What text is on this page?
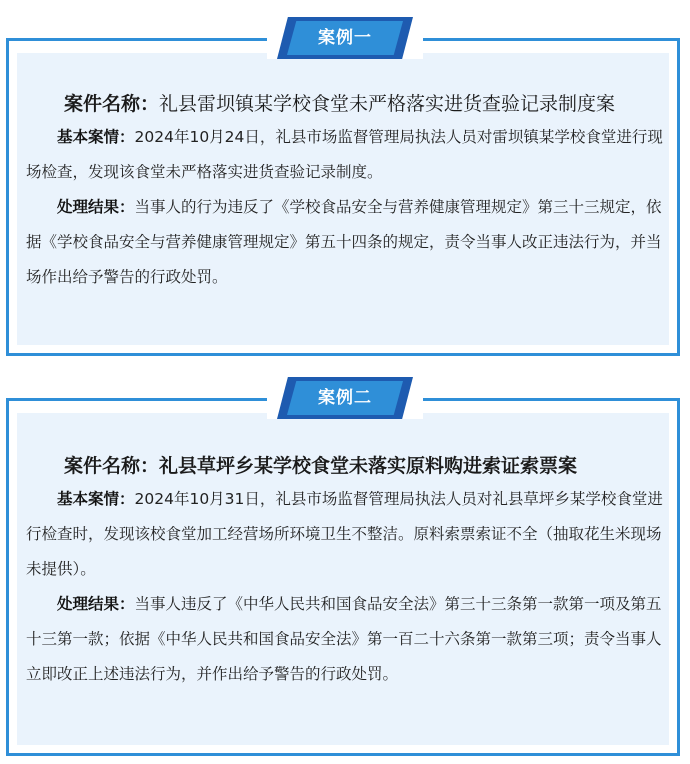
案例一
案件名称：礼县雷坝镇某学校食堂未严格落实进货查验记录制度案
基本案情：2024年10月24日，礼县市场监督管理局执法人员对雷坝镇某学校食堂进行现场检查，发现该食堂未严格落实进货查验记录制度。
处理结果：当事人的行为违反了《学校食品安全与营养健康管理规定》第三十三规定，依据《学校食品安全与营养健康管理规定》第五十四条的规定，责令当事人改正违法行为，并当场作出给予警告的行政处罚。
案例二
案件名称：礼县草坪乡某学校食堂未落实原料购进索证索票案
基本案情：2024年10月31日，礼县市场监督管理局执法人员对礼县草坪乡某学校食堂进行检查时，发现该校食堂加工经营场所环境卫生不整洁。原料索票索证不全（抽取花生米现场未提供）。
处理结果：当事人违反了《中华人民共和国食品安全法》第三十三条第一款第一项及第五十三第一款；依据《中华人民共和国食品安全法》第一百二十六条第一款第三项；责令当事人立即改正上述违法行为，并作出给予警告的行政处罚。
